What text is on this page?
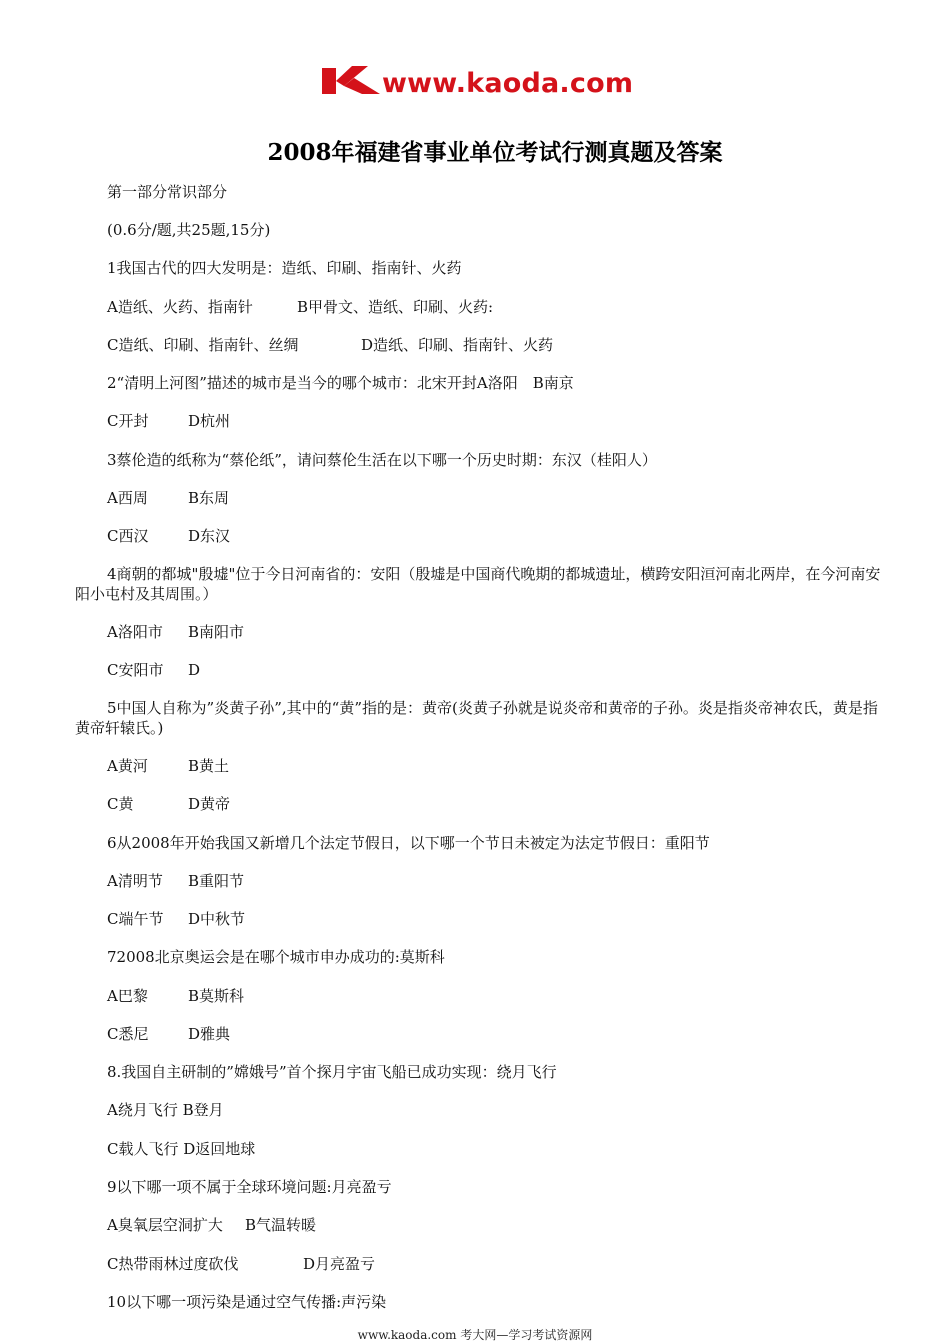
www.kaoda.com
2008年福建省事业单位考试行测真题及答案
第一部分常识部分
(0.6分/题,共25题,15分)
1我国古代的四大发明是：造纸、印刷、指南针、火药
A造纸、火药、指南针	B甲骨文、造纸、印刷、火药:
C造纸、印刷、指南针、丝绸	D造纸、印刷、指南针、火药
2“清明上河图”描述的城市是当今的哪个城市：北宋开封A洛阳　B南京
C开封	D杭州
3蔡伦造的纸称为“蔡伦纸”，请问蔡伦生活在以下哪一个历史时期：东汉（桂阳人）
A西周	B东周
C西汉	D东汉
4商朝的都城"殷墟"位于今日河南省的：安阳（殷墟是中国商代晚期的都城遗址，横跨安阳洹河南北两岸，在今河南安阳小屯村及其周围。）
A洛阳市 B南阳市
C安阳市 D
5中国人自称为”炎黄子孙”,其中的“黄”指的是：黄帝(炎黄子孙就是说炎帝和黄帝的子孙。炎是指炎帝神农氏，黄是指黄帝轩辕氏。)
A黄河	B黄土
C黄	D黄帝
6从2008年开始我国又新增几个法定节假日，以下哪一个节日未被定为法定节假日：重阳节
A清明节 B重阳节
C端午节 D中秋节
72008北京奥运会是在哪个城市申办成功的:莫斯科
A巴黎	B莫斯科
C悉尼	D雅典
8.我国自主研制的”嫦娥号”首个探月宇宙飞船已成功实现：绕月飞行
A绕月飞行 B登月
C载人飞行 D返回地球
9以下哪一项不属于全球环境问题:月亮盈亏
A臭氧层空洞扩大 B气温转暖
C热带雨林过度砍伐	D月亮盈亏
10以下哪一项污染是通过空气传播:声污染
www.kaoda.com 考大网—学习考试资源网
